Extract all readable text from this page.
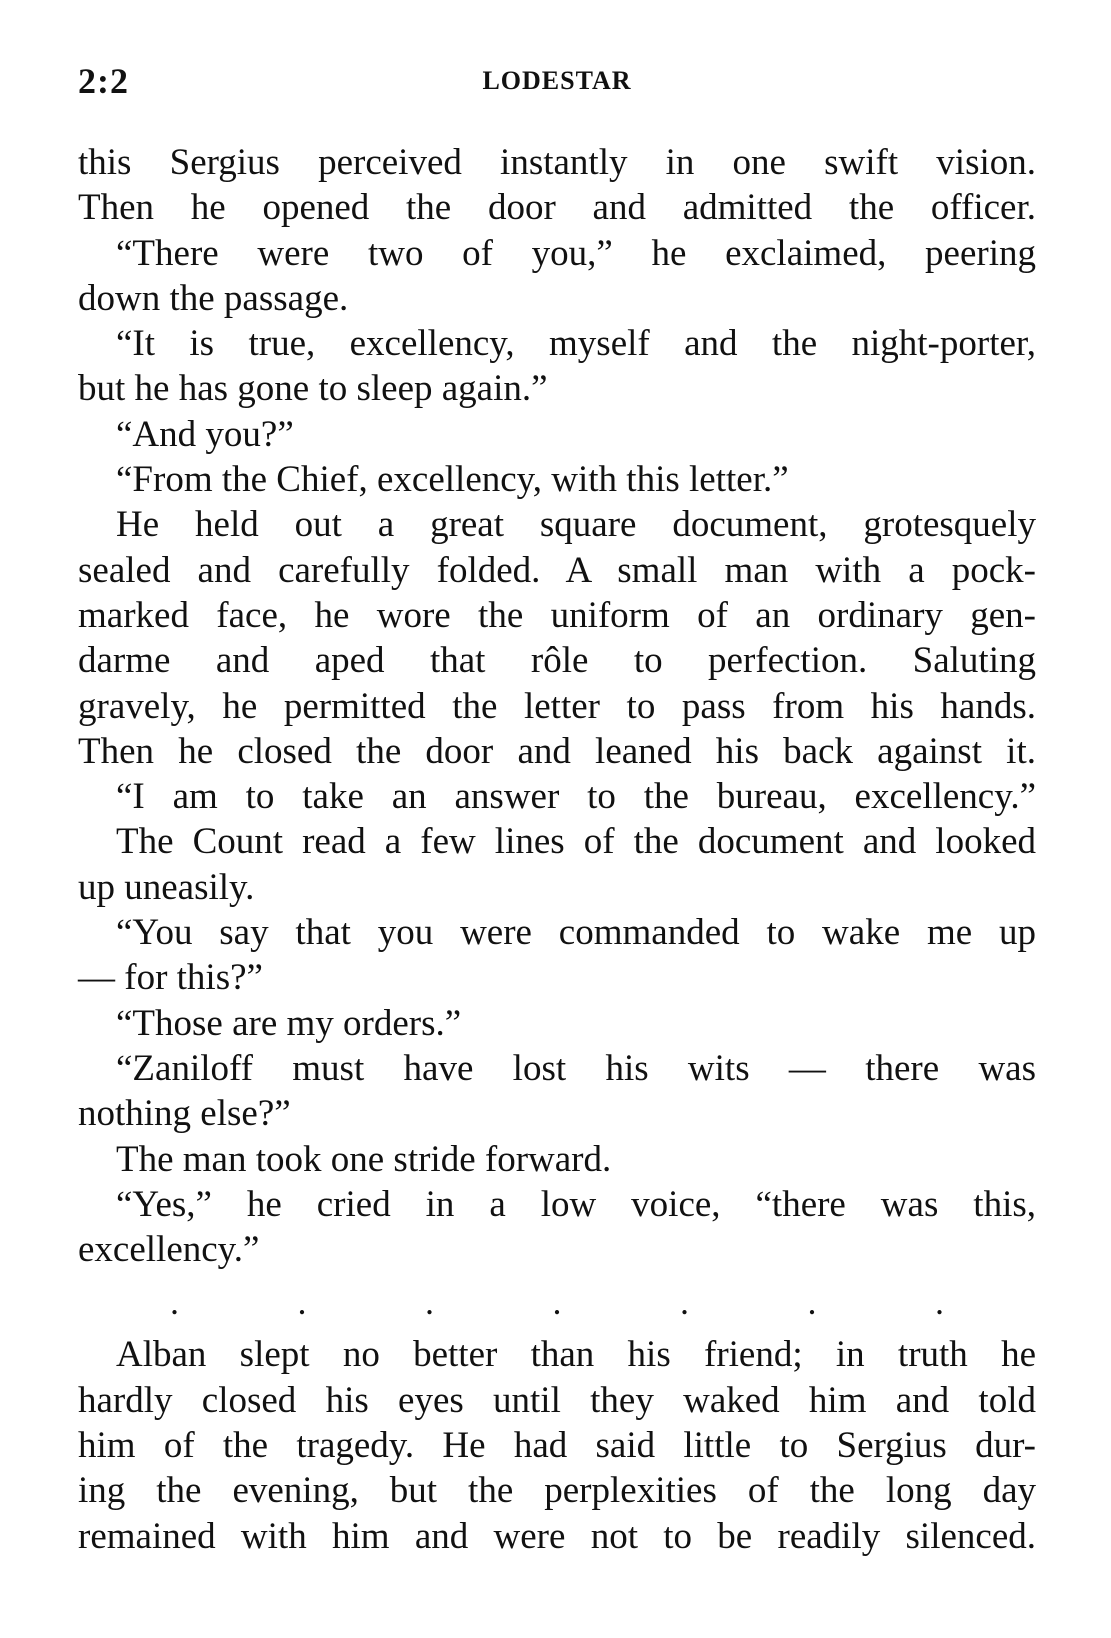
2:2	LODESTAR
this Sergius perceived instantly in one swift vision.
Then he opened the door and admitted the officer.
“There were two of you,” he exclaimed, peering
down the passage.
“It is true, excellency, myself and the night-porter,
but he has gone to sleep again.”
“And you?”
“From the Chief, excellency, with this letter.”
He held out a great square document, grotesquely
sealed and carefully folded. A small man with a pock-
marked face, he wore the uniform of an ordinary gen-
darme and aped that rôle to perfection. Saluting
gravely, he permitted the letter to pass from his hands.
Then he closed the door and leaned his back against it.
“I am to take an answer to the bureau, excellency.”
The Count read a few lines of the document and looked
up uneasily.
“You say that you were commanded to wake me up
— for this?”
“Those are my orders.”
“Zaniloff must have lost his wits — there was
nothing else?”
The man took one stride forward.
“Yes,” he cried in a low voice, “there was this,
excellency.”
.	.	.	.	.	.	.
Alban slept no better than his friend; in truth he
hardly closed his eyes until they waked him and told
him of the tragedy. He had said little to Sergius dur-
ing the evening, but the perplexities of the long day
remained with him and were not to be readily silenced.
